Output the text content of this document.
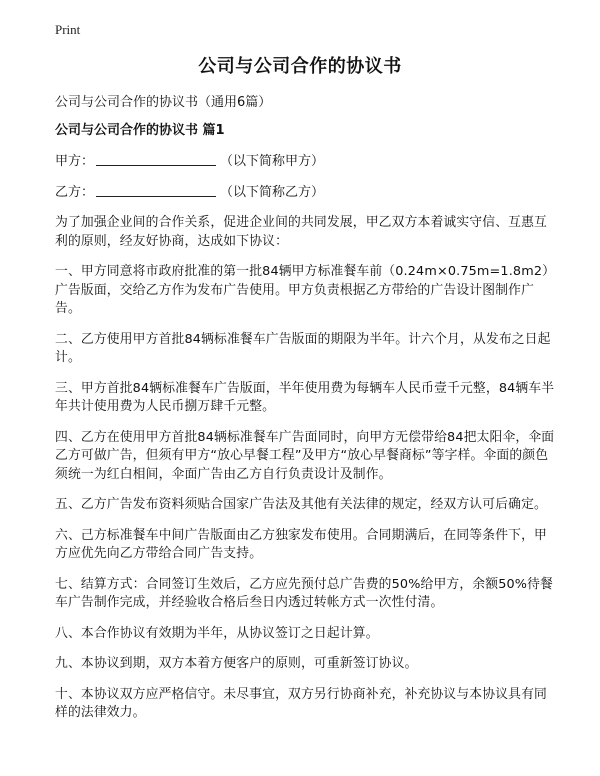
Print
公司与公司合作的协议书

公司与公司合作的协议书（通用6篇）

公司与公司合作的协议书 篇1

甲方：	（以下简称甲方）

乙方：	（以下简称乙方）

为了加强企业间的合作关系，促进企业间的共同发展，甲乙双方本着诚实守信、互惠互利的原则，经友好协商，达成如下协议：

一、甲方同意将市政府批准的第一批84辆甲方标准餐车前（0.24m×0.75m=1.8m2）广告版面，交给乙方作为发布广告使用。甲方负责根据乙方带给的广告设计图制作广告。

二、乙方使用甲方首批84辆标准餐车广告版面的期限为半年。计六个月，从发布之日起计。

三、甲方首批84辆标准餐车广告版面，半年使用费为每辆车人民币壹千元整，84辆车半年共计使用费为人民币捌万肆千元整。

四、乙方在使用甲方首批84辆标准餐车广告面同时，向甲方无偿带给84把太阳伞，伞面乙方可做广告，但须有甲方“放心早餐工程”及甲方“放心早餐商标”等字样。伞面的颜色须统一为红白相间，伞面广告由乙方自行负责设计及制作。

五、乙方广告发布资料须贴合国家广告法及其他有关法律的规定，经双方认可后确定。

六、己方标准餐车中间广告版面由乙方独家发布使用。合同期满后，在同等条件下，甲方应优先向乙方带给合同广告支持。

七、结算方式：合同签订生效后，乙方应先预付总广告费的50%给甲方，余额50%待餐车广告制作完成，并经验收合格后叁日内透过转帐方式一次性付清。

八、本合作协议有效期为半年，从协议签订之日起计算。

九、本协议到期，双方本着方便客户的原则，可重新签订协议。

十、本协议双方应严格信守。未尽事宜，双方另行协商补充，补充协议与本协议具有同样的法律效力。
